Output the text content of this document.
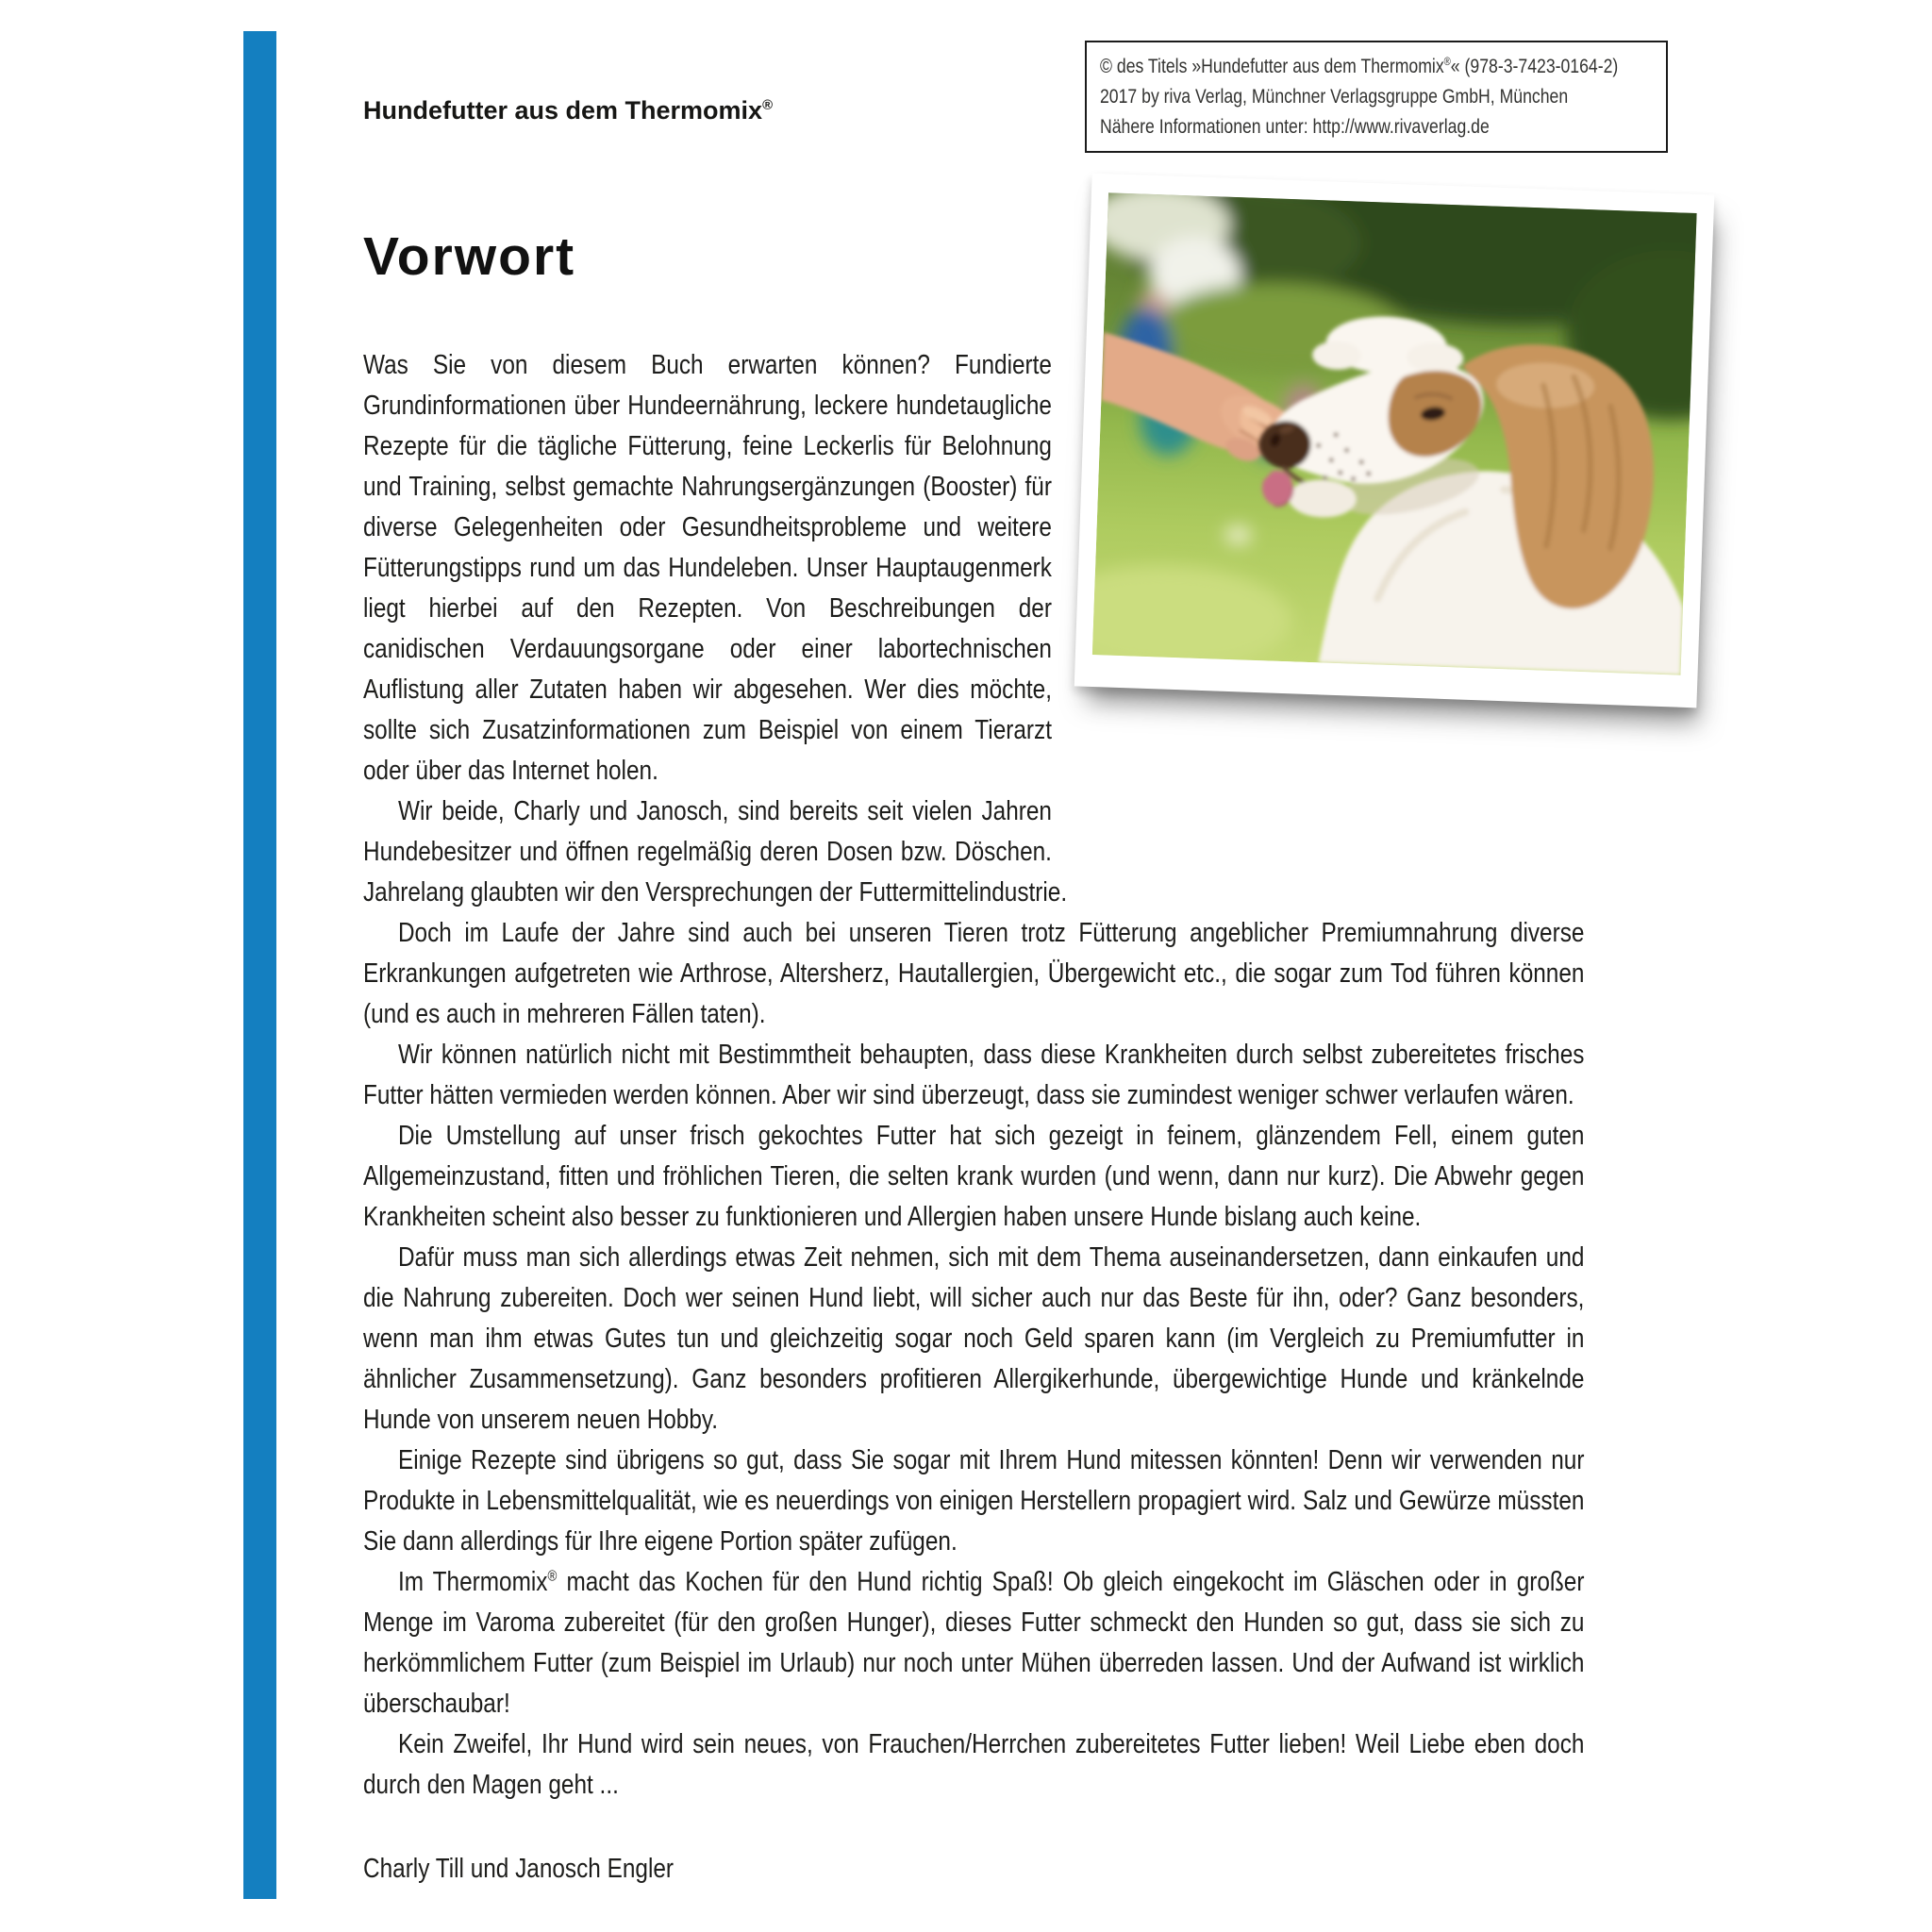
Hundefutter aus dem Thermomix®
© des Titels »Hundefutter aus dem Thermomix®« (978-3-7423-0164-2)
2017 by riva Verlag, Münchner Verlagsgruppe GmbH, München
Nähere Informationen unter: http://www.rivaverlag.de
Vorwort

Was Sie von diesem Buch erwarten können? Fundierte Grundinformationen über Hundeernährung, leckere hundetaugliche Rezepte für die tägliche Fütterung, feine Leckerlis für Belohnung und Training, selbst gemachte Nahrungsergänzungen (Booster) für diverse Gelegenheiten oder Gesundheitsprobleme und weitere Fütterungstipps rund um das Hundeleben. Unser Hauptaugenmerk liegt hierbei auf den Rezepten. Von Beschreibungen der canidischen Verdauungsorgane oder einer labortechnischen Auflistung aller Zutaten haben wir abgesehen. Wer dies möchte, sollte sich Zusatzinformationen zum Beispiel von einem Tierarzt oder über das Internet holen.

Wir beide, Charly und Janosch, sind bereits seit vielen Jahren Hundebesitzer und öffnen regelmäßig deren Dosen bzw. Döschen. Jahrelang glaubten wir den Versprechungen der Futtermittelindustrie.

Doch im Laufe der Jahre sind auch bei unseren Tieren trotz Fütterung angeblicher Premiumnahrung diverse Erkrankungen aufgetreten wie Arthrose, Altersherz, Hautallergien, Übergewicht etc., die sogar zum Tod führen können (und es auch in mehreren Fällen taten).

Wir können natürlich nicht mit Bestimmtheit behaupten, dass diese Krankheiten durch selbst zubereitetes frisches Futter hätten vermieden werden können. Aber wir sind überzeugt, dass sie zumindest weniger schwer verlaufen wären.

Die Umstellung auf unser frisch gekochtes Futter hat sich gezeigt in feinem, glänzendem Fell, einem guten Allgemeinzustand, fitten und fröhlichen Tieren, die selten krank wurden (und wenn, dann nur kurz). Die Abwehr gegen Krankheiten scheint also besser zu funktionieren und Allergien haben unsere Hunde bislang auch keine.

Dafür muss man sich allerdings etwas Zeit nehmen, sich mit dem Thema auseinandersetzen, dann einkaufen und die Nahrung zubereiten. Doch wer seinen Hund liebt, will sicher auch nur das Beste für ihn, oder? Ganz besonders, wenn man ihm etwas Gutes tun und gleichzeitig sogar noch Geld sparen kann (im Vergleich zu Premiumfutter in ähnlicher Zusammensetzung). Ganz besonders profitieren Allergikerhunde, übergewichtige Hunde und kränkelnde Hunde von unserem neuen Hobby.

Einige Rezepte sind übrigens so gut, dass Sie sogar mit Ihrem Hund mitessen könnten! Denn wir verwenden nur Produkte in Lebensmittelqualität, wie es neuerdings von einigen Herstellern propagiert wird. Salz und Gewürze müssten Sie dann allerdings für Ihre eigene Portion später zufügen.

Im Thermomix® macht das Kochen für den Hund richtig Spaß! Ob gleich eingekocht im Gläschen oder in großer Menge im Varoma zubereitet (für den großen Hunger), dieses Futter schmeckt den Hunden so gut, dass sie sich zu herkömmlichem Futter (zum Beispiel im Urlaub) nur noch unter Mühen überreden lassen. Und der Aufwand ist wirklich überschaubar!

Kein Zweifel, Ihr Hund wird sein neues, von Frauchen/Herrchen zubereitetes Futter lieben! Weil Liebe eben doch durch den Magen geht ...

Charly Till und Janosch Engler
